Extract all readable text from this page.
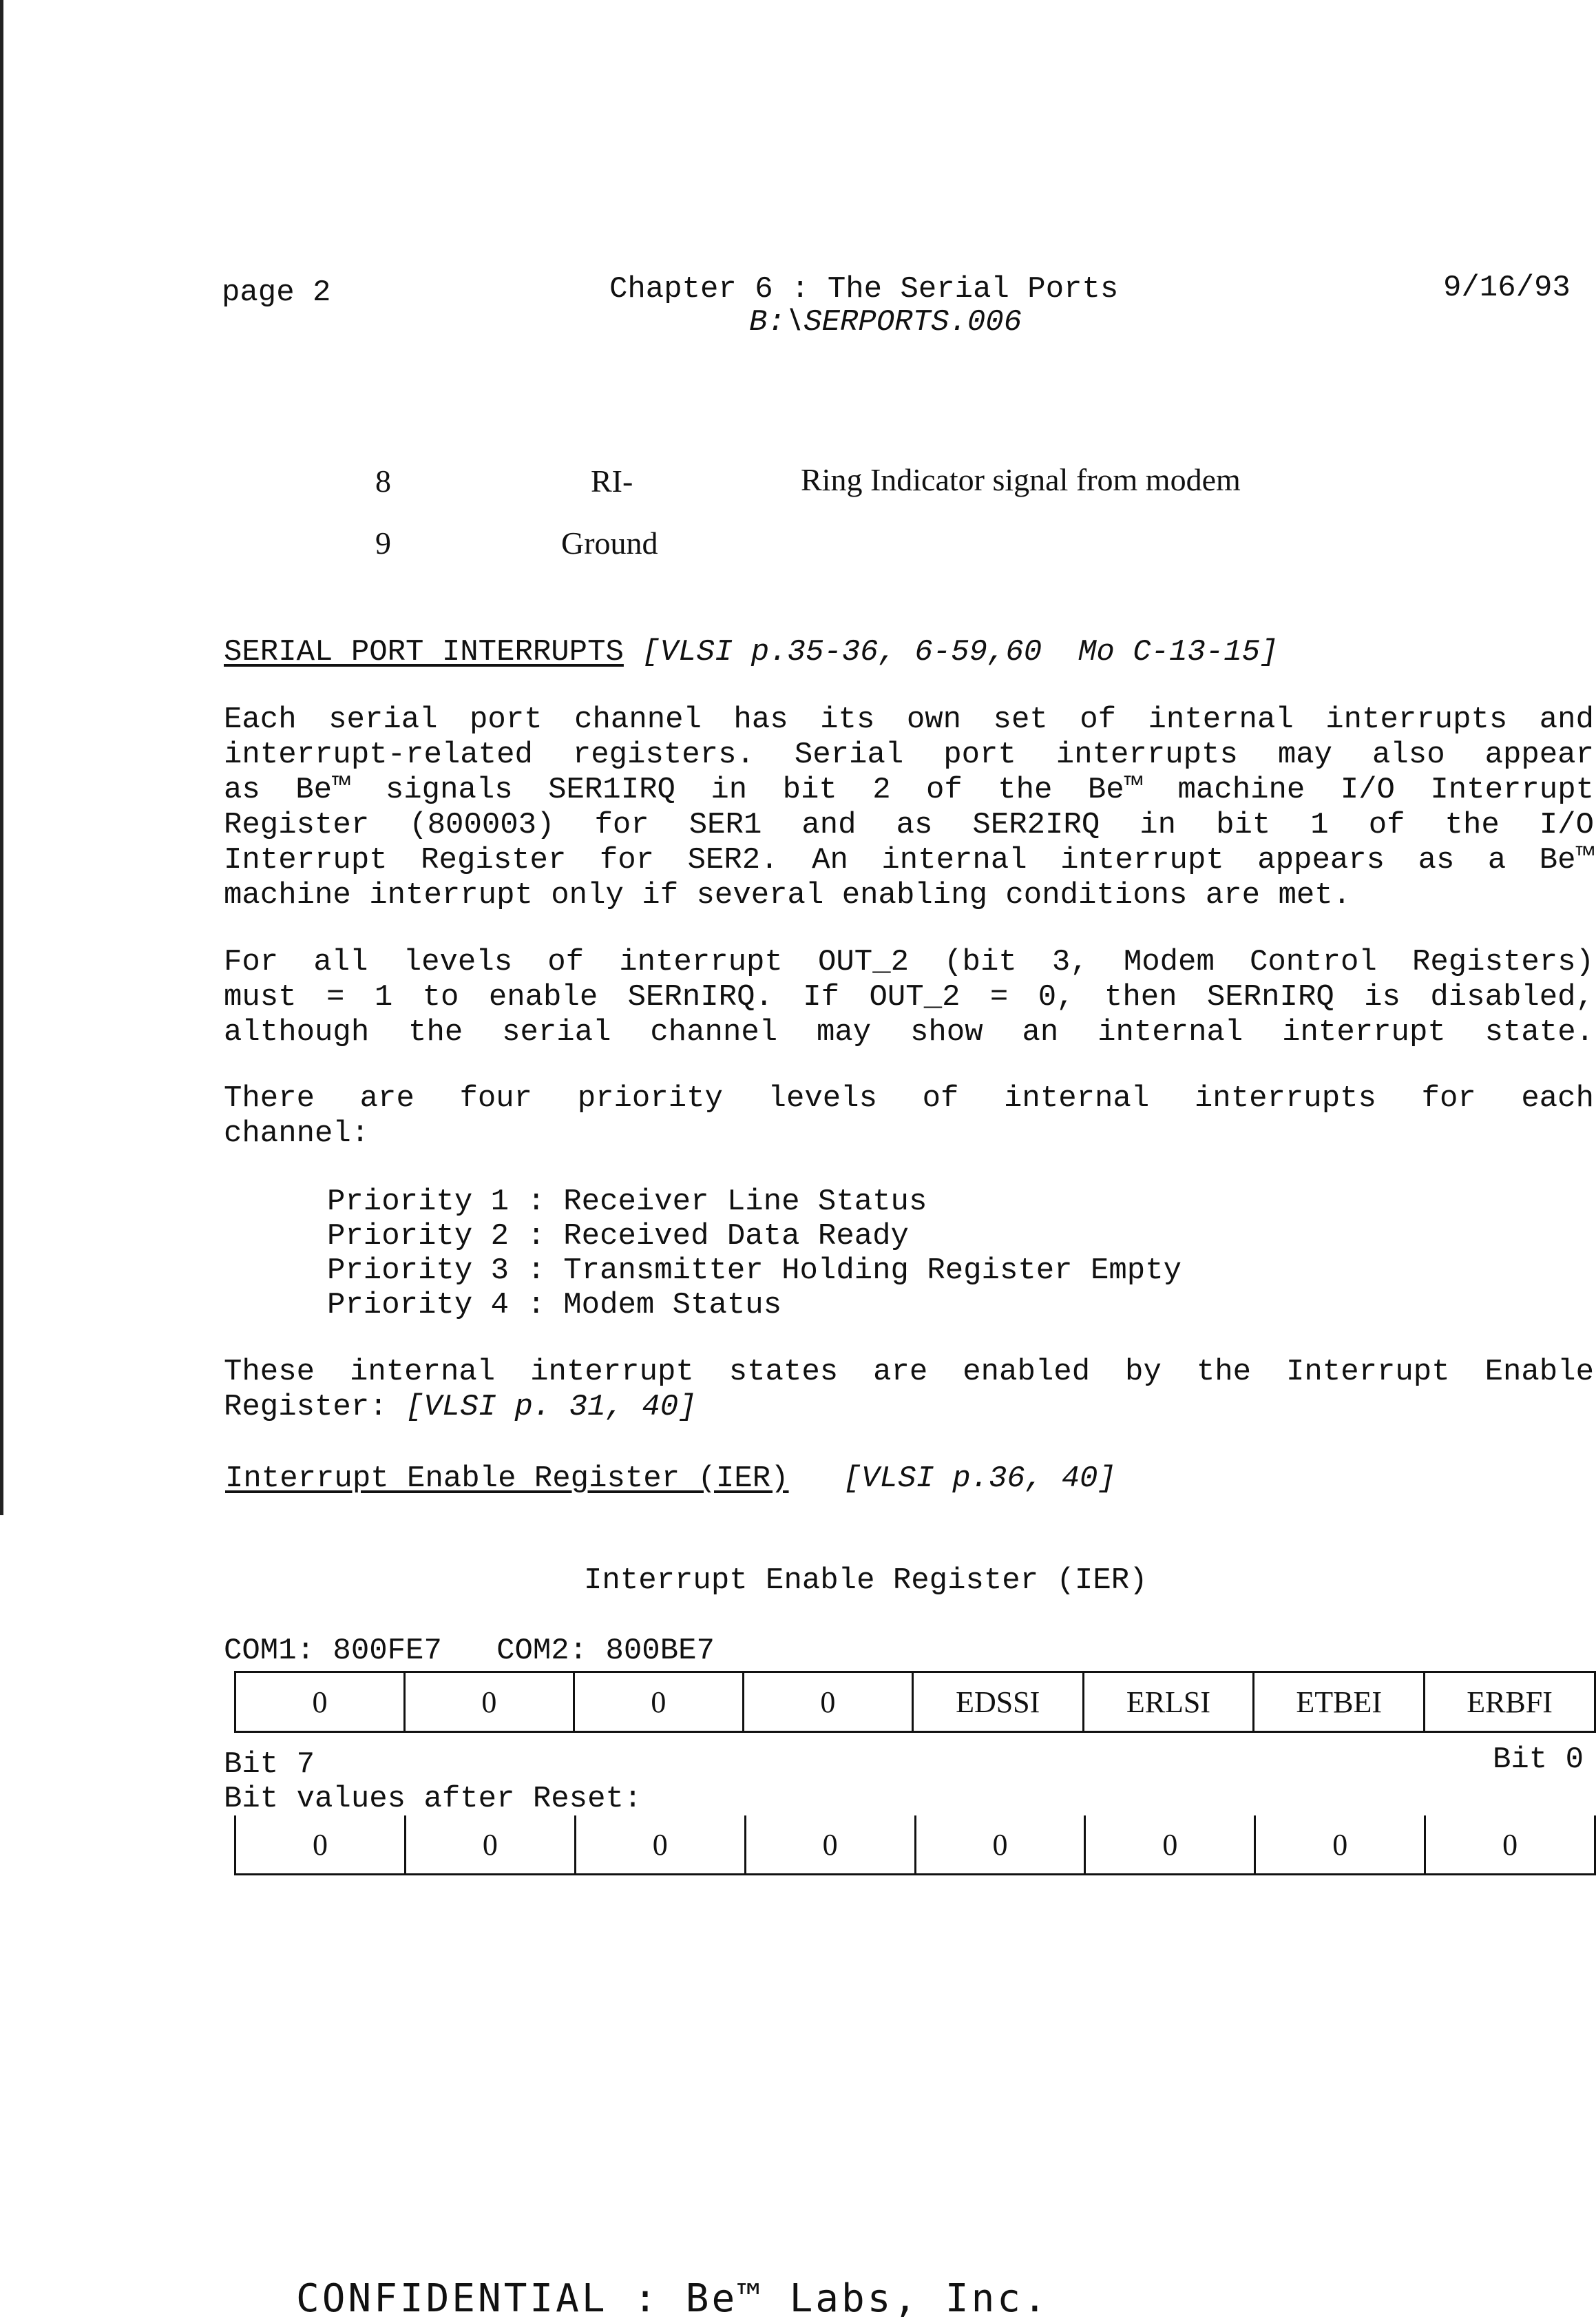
page 2	Chapter 6 : The Serial Ports
B:\SERPORTS.006
9/16/93
8	RI-	Ring Indicator signal from modem
9	Ground
SERIAL PORT INTERRUPTS [VLSI p.35-36, 6-59,60  Mo C-13-15]
Each serial port channel has its own set of internal interrupts and
interrupt-related registers. Serial port interrupts may also appear
as Be™ signals SER1IRQ in bit 2 of the Be™ machine I/O Interrupt
Register (800003) for SER1 and as SER2IRQ in bit 1 of the I/O
Interrupt Register for SER2. An internal interrupt appears as a Be™
machine interrupt only if several enabling conditions are met.
For all levels of interrupt OUT_2 (bit 3, Modem Control Registers)
must = 1 to enable SERnIRQ. If OUT_2 = 0, then SERnIRQ is disabled,
although the serial channel may show an internal interrupt state.
There are four priority levels of internal interrupts for each
channel:
Priority 1 : Receiver Line Status
Priority 2 : Received Data Ready
Priority 3 : Transmitter Holding Register Empty
Priority 4 : Modem Status
These internal interrupt states are enabled by the Interrupt Enable
Register: [VLSI p. 31, 40]
Interrupt Enable Register (IER) [VLSI p.36, 40]
Interrupt Enable Register (IER)
COM1: 800FE7   COM2: 800BE7
0	0	0	0	EDSSI	ERLSI	ETBEI	ERBFI
Bit 7	Bit 0
Bit values after Reset:
0	0	0	0	0	0	0	0
CONFIDENTIAL : Be™ Labs, Inc.
